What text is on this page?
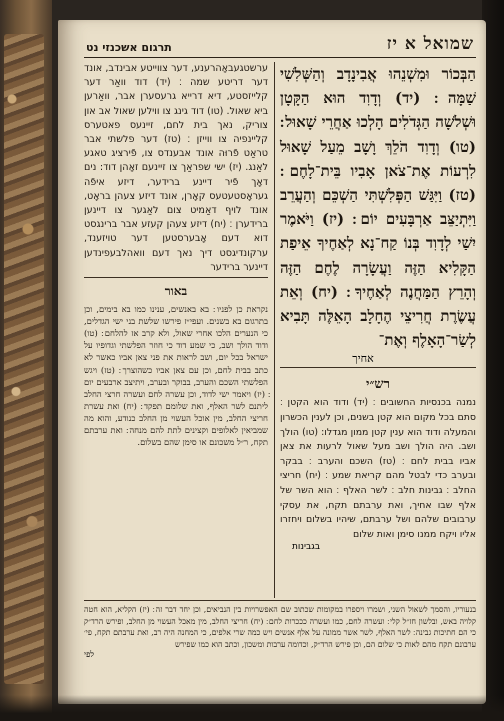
תרגום אשכנזי נט	שמואל א יז
ערשטגעבאָהרענע, דער צווייטע אבינדב, אונד דער דריטע שמה ׃ (יד) דוד וואַר דער קלייזסטע, דיא דרייא גרעסערן אבר, וואַרען ביא שאול. (טו) דוד גינג צו ווילען שאול אב און צוריק, נאך בית לחם, זיינעס פאטערס קליינפיה צו ווייזן ׃ (טז) דער פלשתי אבר טראַט פֿרוּה אונד אבענדס צו, פֿירציג טאגע לאַנג. (יז) ישי שפראַך צו זיינעם זאָהן דוד: נים דאָך פֿיר דיינע ברידער, דיזע איפֿה געראָסטעטעס קאָרן, אונד דיזע צעהן בראָט, אונד לויף דאַמיט צום לאַגער צו דיינען ברידערן ׃ (יח) דיזע צעהן קעזע אבר ברינגסט דוא דעם אָבערסטען דער טויזענד, ערקונדיגסט דיך נאך דעם וואהלבעפינדען דיינער ברידער
באור
נקראת כן לפניו ׃ בא באנשים, ענינו כמו בא בימים, וכן בתרגום בא בשנים. ועפי״ז פירשו שלשת בני ישי הגדלים, כי הנערים הלכו אחרי שאול, ולא קרב אז להלחם ׃ (טו) ודוד הולך ושב, כי שמע דוד כי חוזר הפלשתי וגדופיו על ישראל בכל יום, ושב לראות את פני צאן אביו כאשר לא כתב בבית לחם, וכן עם צאן אביו כשהוצרך ׃ (טז) ויגש הפלשתי השכם והערב, בבוקר ובערב, ויתיצב ארבעים יום ׃ (יז) ויאמר ישי לדוד, וכן עשרה לחם ועשרה חרצי החלב ליתנם לשר האלף, ואת שלומם תפקד ׃ (יח) ואת עשרת חריצי החלב, מין אוכל העשוי מן החלב כנודע, והוא מה שמביאין לאלופים וקצינים לתת להם מנחה ׃ ואת ערבתם תקח, ר״ל משכונם או סימן שהם בשלום.
הַבְּכוֹר וּמִשְׁנֵהוּ אֲבִינָדָב וְהַשְּׁלִשִׁי שַׁמָּה ׃ (יד) וְדָוִד הוּא הַקָּטָן וּשְׁלֹשָׁה הַגְּדֹלִים הָלְכוּ אַחֲרֵי שָׁאוּל ׃ (טו) וְדָוִד הֹלֵךְ וָשָׁב מֵעַל שָׁאוּל לִרְעוֹת אֶת־צֹאן אָבִיו בֵּית־לָחֶם ׃ (טז) וַיִּגַּשׁ הַפְּלִשְׁתִּי הַשְׁכֵּם וְהַעֲרֵב וַיִּתְיַצֵּב אַרְבָּעִים יוֹם ׃ (יז) וַיֹּאמֶר יִשַׁי לְדָוִד בְּנוֹ קַח־נָא לְאַחֶיךָ אֵיפַת הַקָּלִיא הַזֶּה וַעֲשָׂרָה לֶחֶם הַזֶּה וְהָרֵץ הַמַּחֲנֶה לְאַחֶיךָ ׃ (יח) וְאֵת עֲשֶׂרֶת חֲרִיצֵי הֶחָלָב הָאֵלֶּה תָּבִיא לְשַׂר־הָאָלֶף וְאֶת־
אחיך
רש״י
נמנה בכנסיות החשובים ׃ (יד) ודוד הוא הקטן ׃ סתם בכל מקום הוא קטן בשנים, וכן לענין הכשרון והמעלה ודוד הוא ענין קטן ממון מגדלו: (טו) הולך ושב. היה הולך ושב מעל שאול לרעות את צאן אביו בבית לחם ׃ (טז) השכם והערב ׃ בבקר ובערב כדי לבטל מהם קריאת שמע ׃ (יח) חריצי החלב ׃ גבינות חלב ׃ לשר האלף ׃ הוא השר של אלף שבו אחיך, ואת ערבתם תקח, את עסקי ערבובים שלהם ושל ערבתם, שיהיו בשלום ויחזרו אליו ויקח ממנו סימן ואות שלום
בגבינות
בנעוריו, והסמך לשאול השני, ושמרו ויספרו במקומות שכתוב שם האפשרויות בין הנביאים, וכן יחד דבר זה ׃ (יז) הקליא, הוא חטה קלויה באש, ובלשון חז״ל קלי ׃ ועשרה לחם, כמו ועשרה כככרות לחם ׃ (יח) חריצי החלב, מין מאכל העשוי מן החלב, ופירש הרד״ק כי הם חתיכות גבינה ׃ לשר האלף, לשר אשר ממונה על אלף אנשים ויש כמה שרי אלפים, כי המחנה היה רב, ואת ערבתם תקח, פי׳ ערבונם תקח מהם לאות כי שלום הם, וכן פירש הרד״ק, וכדומה ערבות ומשכון, וכתב הוא כמו שפירש
לפי
